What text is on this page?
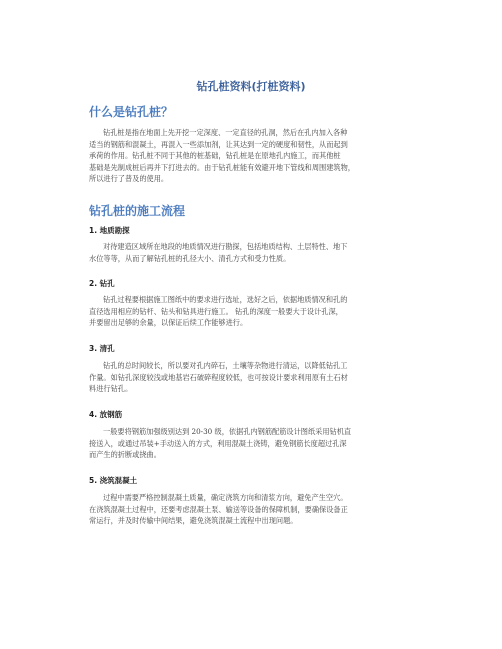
钻孔桩资料(打桩资料)
什么是钻孔桩？

钻孔桩是指在地面上先开挖一定深度、一定直径的孔洞，然后在孔内加入各种
适当的钢筋和混凝土，再混入一些添加剂，让其达到一定的硬度和韧性，从而起到
承荷的作用。钻孔桩不同于其他的桩基础，钻孔桩是在原地孔内施工，而其他桩
基础是先制成桩后再并下打进去的。由于钻孔桩能有效避开地下管线和周围建筑物，
所以进行了普及的使用。

钻孔桩的施工流程
1. 地质勘探

对待建造区域所在地段的地质情况进行勘探，包括地质结构、土层特性、地下
水位等等，从而了解钻孔桩的孔径大小、清孔方式和受力性质。

2. 钻孔

钻孔过程要根据施工图纸中的要求进行选址，选好之后，依据地质情况和孔的
直径选用相应的钻杆、钻头和钻具进行施工。 钻孔的深度一般要大于设计孔深，
并要留出足够的余量，以保证后续工作能够进行。

3. 清孔

钻孔的总时间较长，所以要对孔内碎石，土壤等杂物进行清运，以降低钻孔工
作量。如钻孔深度较浅或地基岩石破碎程度较低，也可按设计要求利用原有土石材
料进行钻孔。

4. 放钢筋

一般要将钢筋加强级别达到 20-30 级，依据孔内钢筋配筋设计图纸采用钻机直
接送入，或通过吊装+手动送入的方式，利用混凝土浇铸，避免钢筋长度超过孔深
而产生的折断或挠曲。

5. 浇筑混凝土

过程中需要严格控制混凝土质量，确定浇筑方向和清浆方向，避免产生空穴。
在浇筑混凝土过程中，还要考虑混凝土泵、输送等设备的保障机制，要确保设备正
常运行，并及时传输中间结果，避免浇筑混凝土流程中出现问题。
